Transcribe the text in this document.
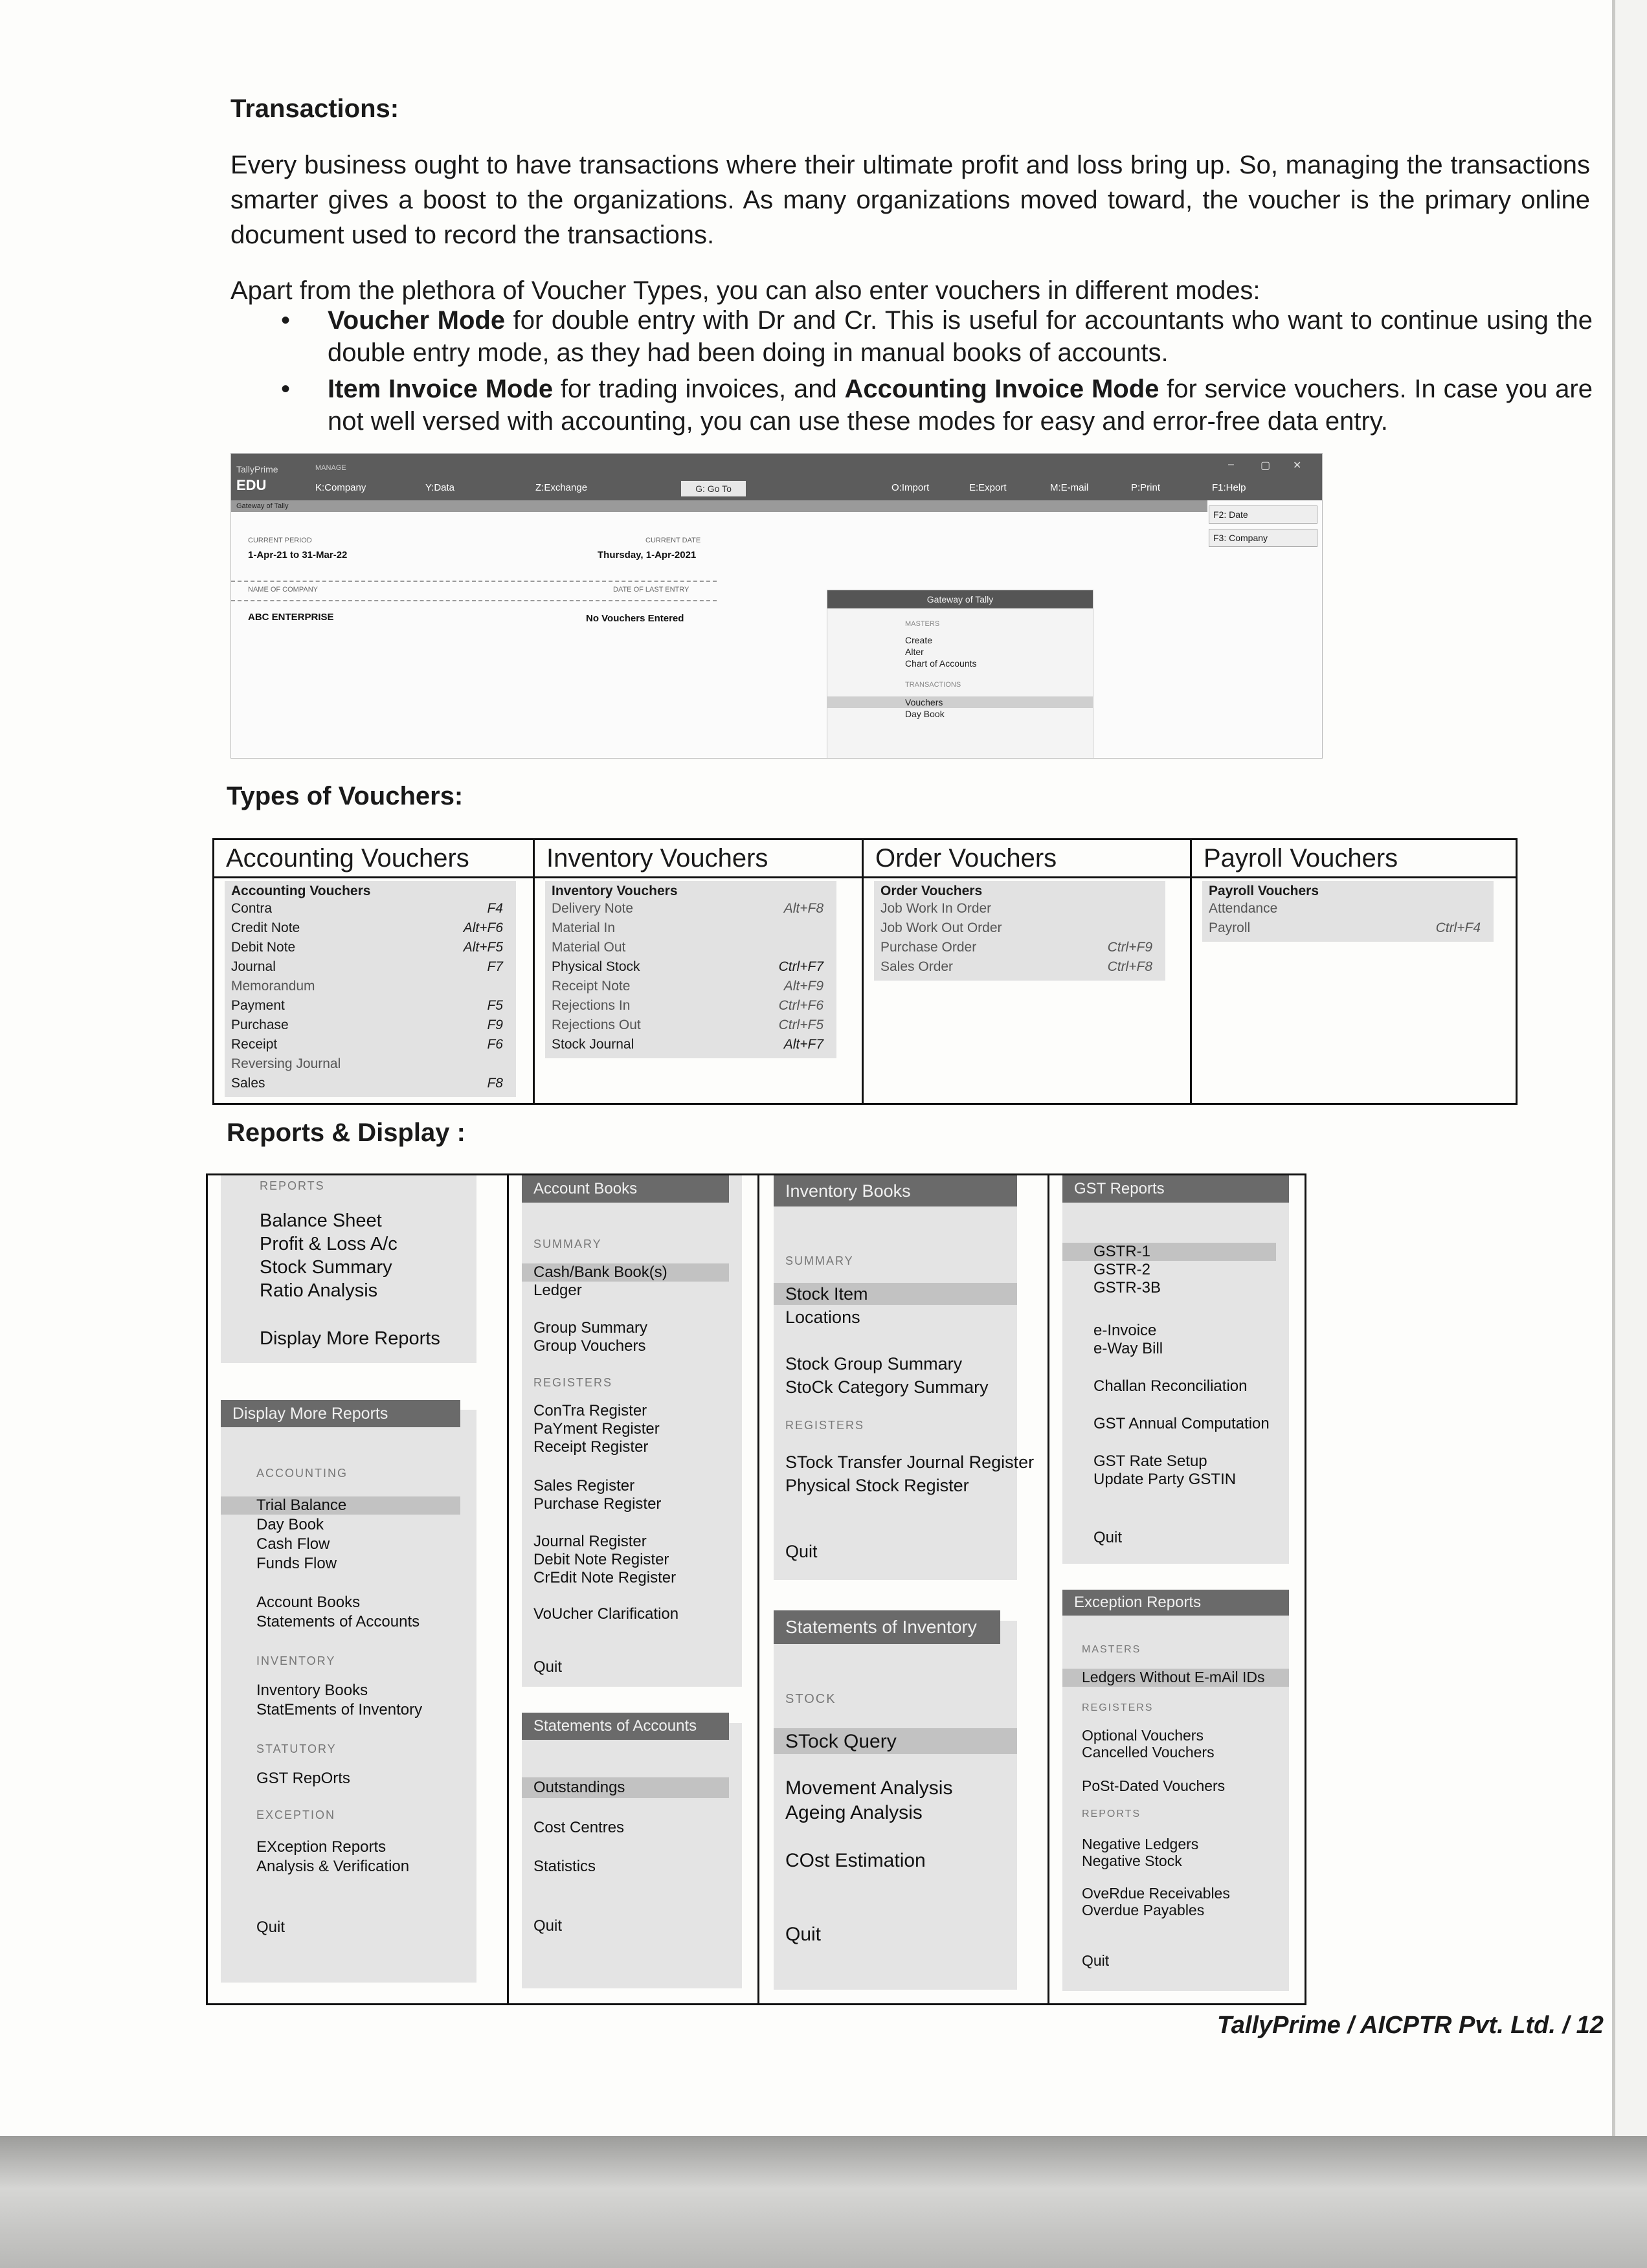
Transactions:

Every business ought to have transactions where their ultimate profit and loss bring up. So, managing the transactions smarter gives a boost to the organizations. As many organizations moved toward, the voucher is the primary online document used to record the transactions.

Apart from the plethora of Voucher Types, you can also enter vouchers in different modes:

• Voucher Mode for double entry with Dr and Cr. This is useful for accountants who want to continue using the double entry mode, as they had been doing in manual books of accounts.
• Item Invoice Mode for trading invoices, and Accounting Invoice Mode for service vouchers. In case you are not well versed with accounting, you can use these modes for easy and error-free data entry.
TallyPrime
EDU
MANAGE
K:Company	Y:Data	Z:Exchange	G: Go To	O:Import	E:Export	M:E-mail	P:Print	F1:Help
–	▢ ✕
Gateway of Tally
F2: Date
F3: Company
CURRENT PERIOD
1-Apr-21 to 31-Mar-22
CURRENT DATE
Thursday, 1-Apr-2021
NAME OF COMPANY	DATE OF LAST ENTRY
ABC ENTERPRISE	No Vouchers Entered
Gateway of Tally
MASTERS
Create
Alter
Chart of Accounts
TRANSACTIONS
Vouchers
Day Book
Types of Vouchers:
Accounting Vouchers
Accounting Vouchers
Contra	F4
Credit Note	Alt+F6
Debit Note	Alt+F5
Journal	F7
Memorandum
Payment	F5
Purchase	F9
Receipt	F6
Reversing Journal
Sales	F8
Inventory Vouchers
Inventory Vouchers
Delivery Note	Alt+F8
Material In
Material Out
Physical Stock	Ctrl+F7
Receipt Note	Alt+F9
Rejections In	Ctrl+F6
Rejections Out	Ctrl+F5
Stock Journal	Alt+F7
Order Vouchers
Order Vouchers
Job Work In Order
Job Work Out Order
Purchase Order	Ctrl+F9
Sales Order	Ctrl+F8
Payroll Vouchers
Payroll Vouchers
Attendance
Payroll	Ctrl+F4
Reports & Display :
REPORTS
Balance Sheet
Profit & Loss A/c
Stock Summary
Ratio Analysis
Display More Reports
Display More Reports
ACCOUNTING
Trial Balance
Day Book
Cash Flow
Funds Flow
Account Books
Statements of Accounts
INVENTORY
Inventory Books
StatEments of Inventory
STATUTORY
GST RepOrts
EXCEPTION
EXception Reports
Analysis & Verification
Quit
Account Books
SUMMARY
Cash/Bank Book(s)
Ledger
Group Summary
Group Vouchers
REGISTERS
ConTra Register
PaYment Register
Receipt Register
Sales Register
Purchase Register
Journal Register
Debit Note Register
CrEdit Note Register
VoUcher Clarification
Quit
Statements of Accounts
Outstandings
Cost Centres
Statistics
Quit
Inventory Books
SUMMARY
Stock Item
Locations
Stock Group Summary
StoCk Category Summary
REGISTERS
STock Transfer Journal Register
Physical Stock Register
Quit
Statements of Inventory
STOCK
STock Query
Movement Analysis
Ageing Analysis
COst Estimation
Quit
GST Reports
GSTR-1
GSTR-2
GSTR-3B
e-Invoice
e-Way Bill
Challan Reconciliation
GST Annual Computation
GST Rate Setup
Update Party GSTIN
Quit
Exception Reports
MASTERS
Ledgers Without E-mAil IDs
REGISTERS
Optional Vouchers
Cancelled Vouchers
PoSt-Dated Vouchers
REPORTS
Negative Ledgers
Negative Stock
OveRdue Receivables
Overdue Payables
Quit
TallyPrime / AICPTR Pvt. Ltd. / 12
